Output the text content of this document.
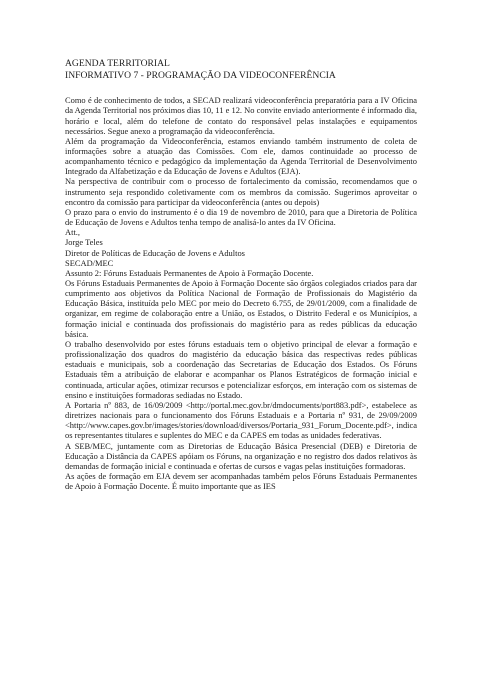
AGENDA TERRITORIAL

INFORMATIVO 7 - PROGRAMAÇÃO DA VIDEOCONFERÊNCIA

Como é de conhecimento de todos, a SECAD realizará videoconferência preparatória para a IV Oficina da Agenda Territorial nos próximos dias 10, 11 e 12. No convite enviado anteriormente é informado dia, horário e local, além do telefone de contato do responsável pelas instalações e equipamentos necessários. Segue anexo a programação da videoconferência.

Além da programação da Videoconferência, estamos enviando também instrumento de coleta de informações sobre a atuação das Comissões. Com ele, damos continuidade ao processo de acompanhamento técnico e pedagógico da implementação da Agenda Territorial de Desenvolvimento Integrado da Alfabetização e da Educação de Jovens e Adultos (EJA).

Na perspectiva de contribuir com o processo de fortalecimento da comissão, recomendamos que o instrumento seja respondido coletivamente com os membros da comissão. Sugerimos aproveitar o encontro da comissão para participar da videoconferência (antes ou depois)

O prazo para o envio do instrumento é o dia 19 de novembro de 2010, para que a Diretoria de Política de Educação de Jovens e Adultos tenha tempo de analisá-lo antes da IV Oficina.

Att.,

Jorge Teles

Diretor de Políticas de Educação de Jovens e Adultos

SECAD/MEC

Assunto 2: Fóruns Estaduais Permanentes de Apoio à Formação Docente.

Os Fóruns Estaduais Permanentes de Apoio à Formação Docente são órgãos colegiados criados para dar cumprimento aos objetivos da Política Nacional de Formação de Profissionais do Magistério da Educação Básica, instituída pelo MEC por meio do Decreto 6.755, de 29/01/2009, com a finalidade de organizar, em regime de colaboração entre a União, os Estados, o Distrito Federal e os Municípios, a formação inicial e continuada dos profissionais do magistério para as redes públicas da educação básica.

O trabalho desenvolvido por estes fóruns estaduais tem o objetivo principal de elevar a formação e profissionalização dos quadros do magistério da educação básica das respectivas redes públicas estaduais e municipais, sob a coordenação das Secretarias de Educação dos Estados. Os Fóruns Estaduais têm a atribuição de elaborar e acompanhar os Planos Estratégicos de formação inicial e continuada, articular ações, otimizar recursos e potencializar esforços, em interação com os sistemas de ensino e instituições formadoras sediadas no Estado.

A Portaria nº 883, de 16/09/2009 <http://portal.mec.gov.br/dmdocuments/port883.pdf>, estabelece as diretrizes nacionais para o funcionamento dos Fóruns Estaduais e a Portaria nº 931, de 29/09/2009 <http://www.capes.gov.br/images/stories/download/diversos/Portaria_931_Forum_Docente.pdf>, indica os representantes titulares e suplentes do MEC e da CAPES em todas as unidades federativas.

A SEB/MEC, juntamente com as Diretorias de Educação Básica Presencial (DEB) e Diretoria de Educação a Distância da CAPES apóiam os Fóruns, na organização e no registro dos dados relativos às demandas de formação inicial e continuada e ofertas de cursos e vagas pelas instituições formadoras.

As ações de formação em EJA devem ser acompanhadas também pelos Fóruns Estaduais Permanentes de Apoio à Formação Docente. É muito importante que as IES
